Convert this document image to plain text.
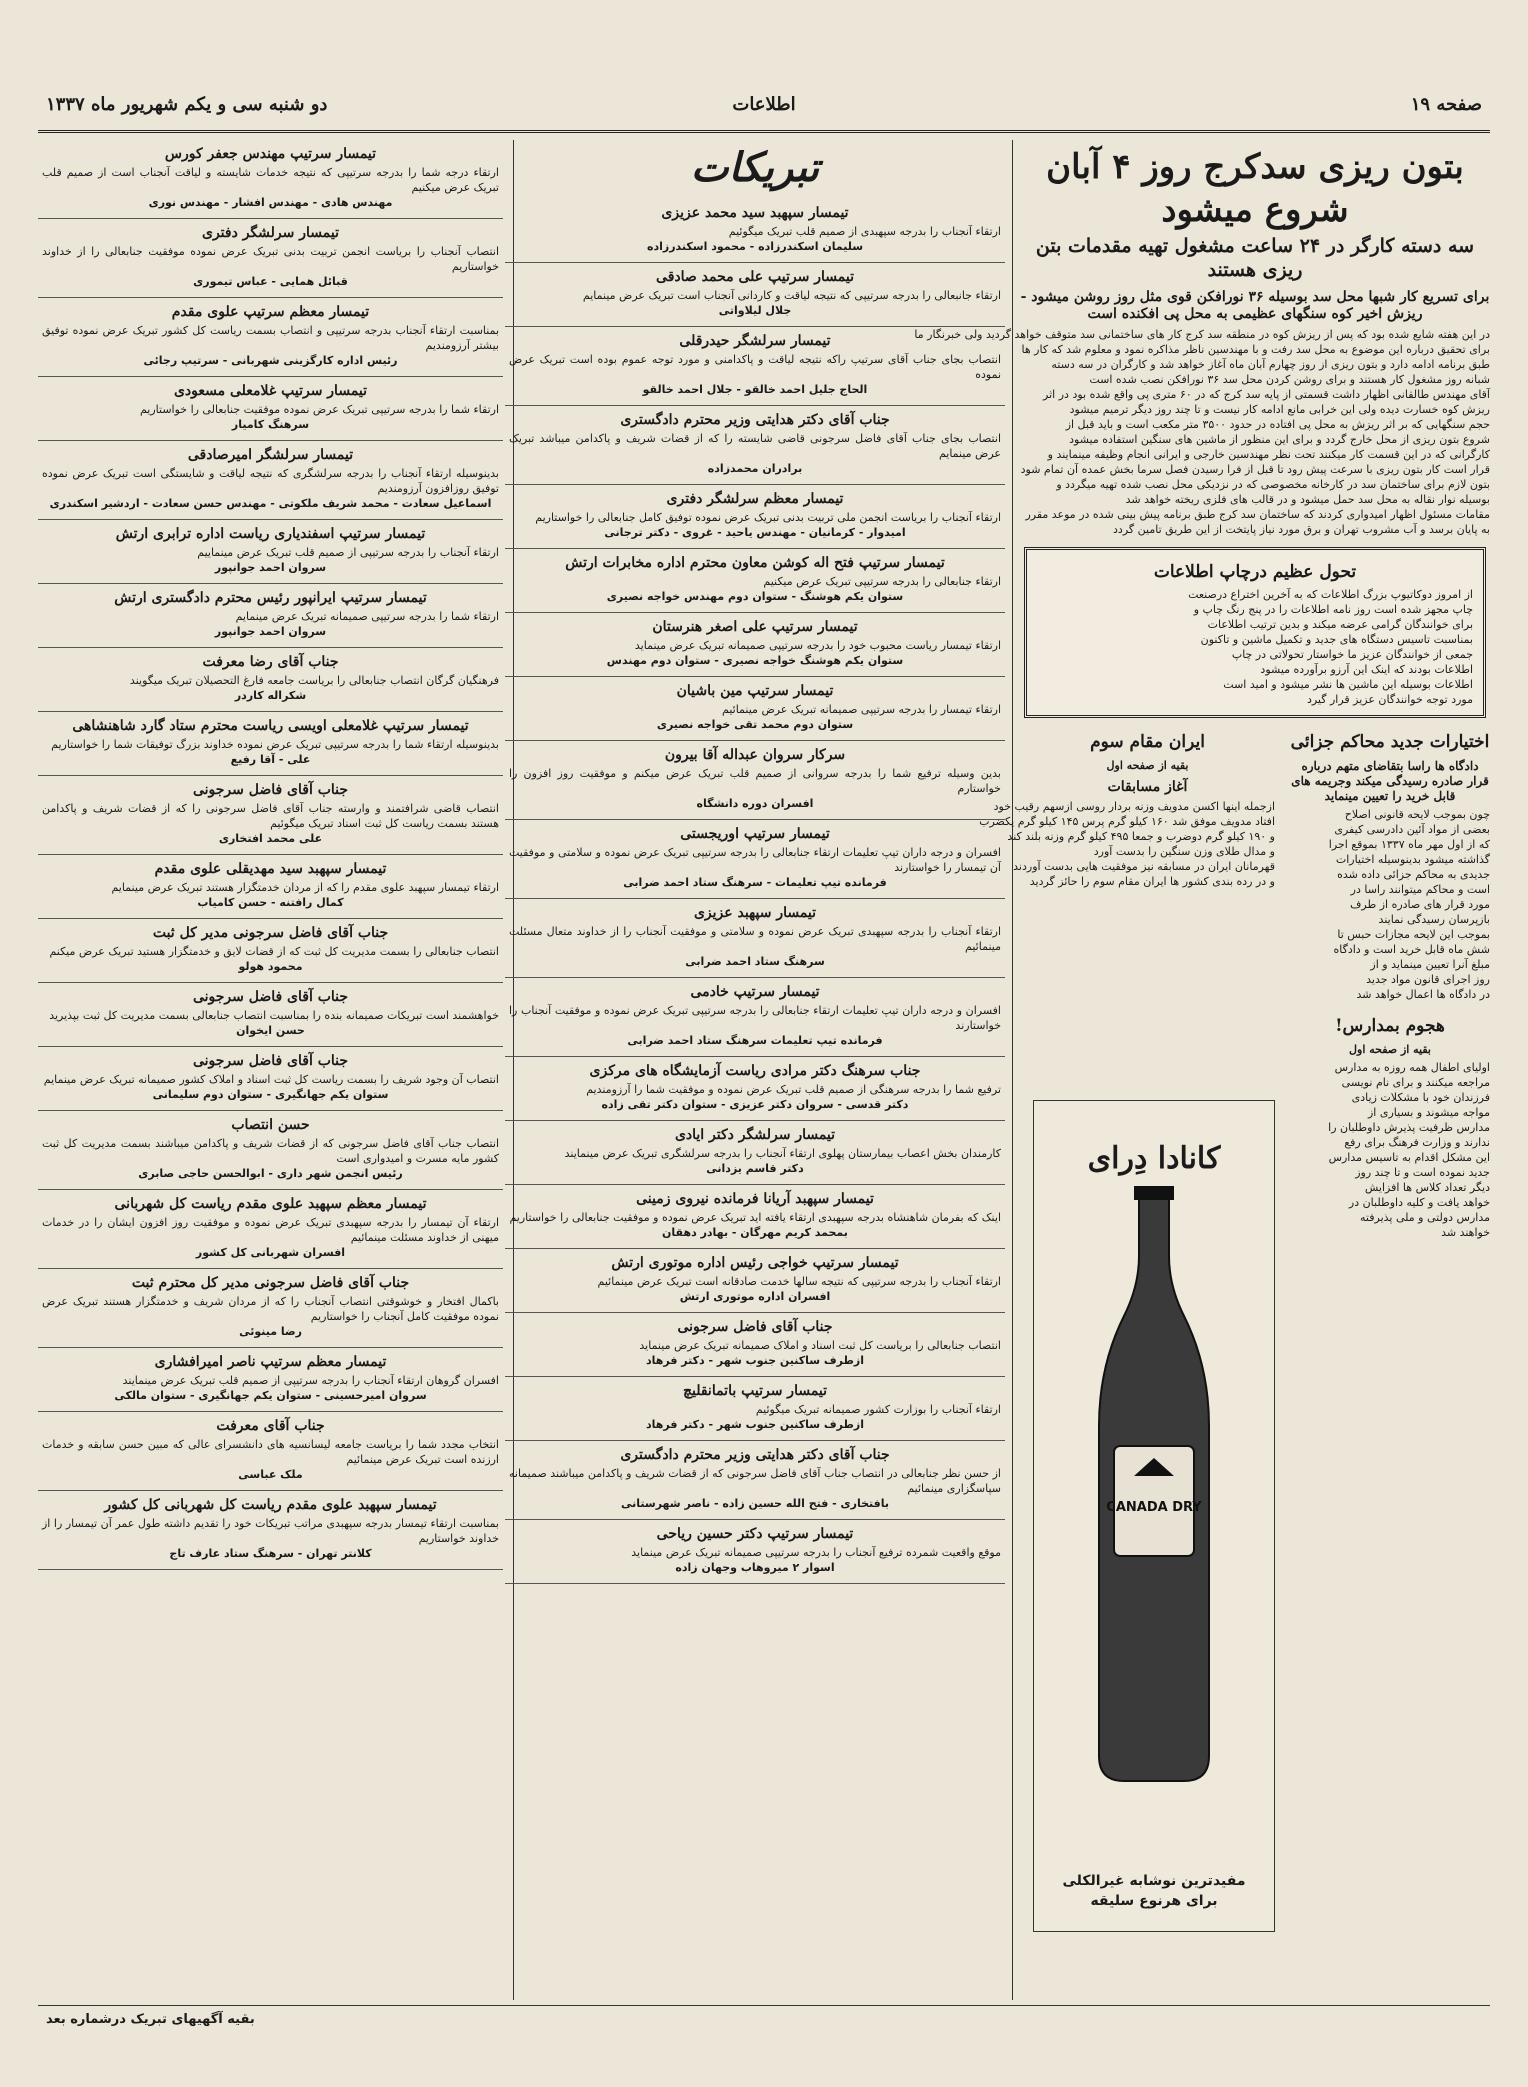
صفحه ۱۹
اطلاعات
دو شنبه سی و یکم شهریور ماه ۱۳۳۷
بتون ریزی سدکرج روز ۴ آبان شروع میشود
سه دسته کارگر در ۲۴ ساعت مشغول تهیه مقدمات بتن ریزی هستند
برای تسریع کار شبها محل سد بوسیله ۳۶ نورافکن قوی مثل روز روشن میشود - ریزش اخیر کوه سنگهای عظیمی به محل پی افکنده است
در این هفته شایع شده بود که پس از ریزش کوه در منطقه سد کرج کار های ساختمانی سد متوقف خواهد گردید ولی خبرنگار ما
برای تحقیق درباره این موضوع به محل سد رفت و با مهندسین ناظر مذاکره نمود و معلوم شد که کار ها
طبق برنامه ادامه دارد و بتون ریزی از روز چهارم آبان ماه آغاز خواهد شد و کارگران در سه دسته
شبانه روز مشغول کار هستند و برای روشن کردن محل سد ۳۶ نورافکن نصب شده است
آقای مهندس طالقانی اظهار داشت قسمتی از پایه سد کرج که در ۶۰ متری پی واقع شده بود در اثر
ریزش کوه خسارت دیده ولی این خرابی مانع ادامه کار نیست و تا چند روز دیگر ترمیم میشود
حجم سنگهایی که بر اثر ریزش به محل پی افتاده در حدود ۳۵۰۰ متر مکعب است و باید قبل از
شروع بتون ریزی از محل خارج گردد و برای این منظور از ماشین های سنگین استفاده میشود
کارگرانی که در این قسمت کار میکنند تحت نظر مهندسین خارجی و ایرانی انجام وظیفه مینمایند و
قرار است کار بتون ریزی با سرعت پیش رود تا قبل از فرا رسیدن فصل سرما بخش عمده آن تمام شود
بتون لازم برای ساختمان سد در کارخانه مخصوصی که در نزدیکی محل نصب شده تهیه میگردد و
بوسیله نوار نقاله به محل سد حمل میشود و در قالب های فلزی ریخته خواهد شد
مقامات مسئول اظهار امیدواری کردند که ساختمان سد کرج طبق برنامه پیش بینی شده در موعد مقرر
به پایان برسد و آب مشروب تهران و برق مورد نیاز پایتخت از این طریق تامین گردد
تحول عظیم درچاپ اطلاعات
از امروز دوکاتیوپ بزرگ اطلاعات که به آخرین اختراع درصنعت
چاپ مجهز شده است روز نامه اطلاعات را در پنج رنگ چاپ و
برای خوانندگان گرامی عرضه میکند و بدین ترتیب اطلاعات
بمناسبت تاسیس دستگاه های جدید و تکمیل ماشین و تاکنون
جمعی از خوانندگان عزیز ما خواستار تحولاتی در چاپ
اطلاعات بودند که اینک این آرزو برآورده میشود
اطلاعات بوسیله این ماشین ها نشر میشود و امید است
مورد توجه خوانندگان عزیز قرار گیرد
اختیارات جدید محاکم جزائی
دادگاه ها راسا بتقاضای متهم درباره قرار صادره رسیدگی میکند وجریمه های قابل خرید را تعیین مینماید
چون بموجب لایحه قانونی اصلاح
بعضی از مواد آئین دادرسی کیفری
که از اول مهر ماه ۱۳۳۷ بموقع اجرا
گذاشته میشود بدینوسیله اختیارات
جدیدی به محاکم جزائی داده شده
است و محاکم میتوانند راسا در
مورد قرار های صادره از طرف
بازپرسان رسیدگی نمایند
بموجب این لایحه مجازات حبس تا
شش ماه قابل خرید است و دادگاه
مبلغ آنرا تعیین مینماید و از
روز اجرای قانون مواد جدید
در دادگاه ها اعمال خواهد شد
هجوم بمدارس!
بقیه از صفحه اول
اولیای اطفال همه روزه به مدارس
مراجعه میکنند و برای نام نویسی
فرزندان خود با مشکلات زیادی
مواجه میشوند و بسیاری از
مدارس ظرفیت پذیرش داوطلبان را
ندارند و وزارت فرهنگ برای رفع
این مشکل اقدام به تاسیس مدارس
جدید نموده است و تا چند روز
دیگر تعداد کلاس ها افزایش
خواهد یافت و کلیه داوطلبان در
مدارس دولتی و ملی پذیرفته
خواهند شد
ایران مقام سوم
بقیه از صفحه اول
آغاز مسابقات
ازجمله اینها اکسن مدویف وزنه بردار روسی ازسهم رقیب خود
افتاد مدویف موفق شد ۱۶۰ کیلو گرم پرس ۱۴۵ کیلو گرم یکضرب
و ۱۹۰ کیلو گرم دوضرب و جمعا ۴۹۵ کیلو گرم وزنه بلند کند
و مدال طلای وزن سنگین را بدست آورد
قهرمانان ایران در مسابقه نیز موفقیت هایی بدست آوردند
و در رده بندی کشور ها ایران مقام سوم را حائز گردید
کانادا دِرای
CANADA DRY
مفیدترین نوشابه غیرالکلی
برای هرنوع سلیقه
تبریکات
تیمسار سپهبد سید محمد عزیزی
ارتقاء آنجناب را بدرجه سپهبدی از صمیم قلب تبریک میگوئیم
سلیمان اسکندرزاده - محمود اسکندرزاده
تیمسار سرتیپ علی محمد صادقی
ارتقاء جانبعالی را بدرجه سرتیپی که نتیجه لیاقت و کاردانی آنجناب است تبریک عرض مینمایم
جلال لیلاواتی
تیمسار سرلشگر حیدرقلی
انتصاب بجای جناب آقای سرتیپ راکه نتیجه لیاقت و پاکدامنی و مورد توجه عموم بوده است تبریک عرض نموده
الحاج جلیل احمد خالقو - جلال احمد خالقو
جناب آقای دکتر هدایتی وزیر محترم دادگستری
انتصاب بجای جناب آقای فاضل سرجونی قاضی شایسته را که از قضات شریف و پاکدامن میباشد تبریک عرض مینمایم
برادران محمدزاده
تیمسار معظم سرلشگر دفتری
ارتقاء آنجناب را بریاست انجمن ملی تربیت بدنی تبریک عرض نموده توفیق کامل جنابعالی را خواستاریم
امیدوار - کرمانیان - مهندس یاحید - غروی - دکتر ترجانی
تیمسار سرتیپ فتح اله کوشن معاون محترم اداره مخابرات ارتش
ارتقاء جنابعالی را بدرجه سرتیپی تبریک عرض میکنیم
ستوان یکم هوشنگ - ستوان دوم مهندس خواجه نصیری
تیمسار سرتیپ علی اصغر هنرستان
ارتقاء تیمسار ریاست محبوب خود را بدرجه سرتیپی صمیمانه تبریک عرض مینماید
ستوان یکم هوشنگ خواجه نصیری - ستوان دوم مهندس
تیمسار سرتیپ مین باشیان
ارتقاء تیمسار را بدرجه سرتیپی صمیمانه تبریک عرض مینمائیم
ستوان دوم محمد تقی خواجه نصیری
سرکار سروان عبداله آقا بیرون
بدین وسیله ترفیع شما را بدرجه سروانی از صمیم قلب تبریک عرض میکنم و موفقیت روز افزون را خواستارم
افسران دوره دانشگاه
تیمسار سرتیپ اوریجستی
افسران و درجه داران تیپ تعلیمات ارتقاء جنابعالی را بدرجه سرتیپی تبریک عرض نموده و سلامتی و موفقیت آن تیمسار را خواستارند
فرمانده تیپ تعلیمات - سرهنگ ستاد احمد ضرابی
تیمسار سپهبد عزیزی
ارتقاء آنجناب را بدرجه سپهبدی تبریک عرض نموده و سلامتی و موفقیت آنجناب را از خداوند متعال مسئلت مینمائیم
سرهنگ ستاد احمد ضرابی
تیمسار سرتیپ خادمی
افسران و درجه داران تیپ تعلیمات ارتقاء جنابعالی را بدرجه سرتیپی تبریک عرض نموده و موفقیت آنجناب را خواستارند
فرمانده تیپ تعلیمات سرهنگ ستاد احمد ضرابی
جناب سرهنگ دکتر مرادی ریاست آزمایشگاه های مرکزی
ترفیع شما را بدرجه سرهنگی از صمیم قلب تبریک عرض نموده و موفقیت شما را آرزومندیم
دکتر قدسی - سروان دکتر عزیزی - ستوان دکتر تقی زاده
تیمسار سرلشگر دکتر ایادی
کارمندان بخش اعصاب بیمارستان پهلوی ارتقاء آنجناب را بدرجه سرلشگری تبریک عرض مینمایند
دکتر قاسم یزدانی
تیمسار سپهبد آریانا فرمانده نیروی زمینی
اینک که بفرمان شاهنشاه بدرجه سپهبدی ارتقاء یافته اید تبریک عرض نموده و موفقیت جنابعالی را خواستاریم
بمحمد کریم مهرگان - بهادر دهقان
تیمسار سرتیپ خواجی رئیس اداره موتوری ارتش
ارتقاء آنجناب را بدرجه سرتیپی که نتیجه سالها خدمت صادقانه است تبریک عرض مینمائیم
افسران اداره موتوری ارتش
جناب آقای فاضل سرجونی
انتصاب جنابعالی را بریاست کل ثبت اسناد و املاک صمیمانه تبریک عرض مینماید
ازطرف ساکنین جنوب شهر - دکتر فرهاد
تیمسار سرتیپ باتمانقلیچ
ارتقاء آنجناب را بوزارت کشور صمیمانه تبریک میگوئیم
ازطرف ساکنین جنوب شهر - دکتر فرهاد
جناب آقای دکتر هدایتی وزیر محترم دادگستری
از حسن نظر جنابعالی در انتصاب جناب آقای فاضل سرجونی که از قضات شریف و پاکدامن میباشند صمیمانه سپاسگزاری مینمائیم
بافتخاری - فتح الله حسین زاده - ناصر شهرستانی
تیمسار سرتیپ دکتر حسین ریاحی
موقع واقعیت شمرده ترفیع آنجناب را بدرجه سرتیپی صمیمانه تبریک عرض مینماید
اسوار ۲ میروهاب وجهان زاده
تیمسار سرتیپ مهندس جعفر کورس
ارتقاء درجه شما را بدرجه سرتیپی که نتیجه خدمات شایسته و لیاقت آنجناب است از صمیم قلب تبریک عرض میکنیم
مهندس هادی - مهندس افشار - مهندس نوری
تیمسار سرلشگر دفتری
انتصاب آنجناب را بریاست انجمن تربیت بدنی تبریک عرض نموده موفقیت جنابعالی را از خداوند خواستاریم
قبائل همایی - عباس تیموری
تیمسار معظم سرتیپ علوی مقدم
بمناسبت ارتقاء آنجناب بدرجه سرتیپی و انتصاب بسمت ریاست کل کشور تبریک عرض نموده توفیق بیشتر آرزومندیم
رئیس اداره کارگزینی شهربانی - سرتیپ رجائی
تیمسار سرتیپ غلامعلی مسعودی
ارتقاء شما را بدرجه سرتیپی تبریک عرض نموده موفقیت جنابعالی را خواستاریم
سرهنگ کامیار
تیمسار سرلشگر امیرصادقی
بدینوسیله ارتقاء آنجناب را بدرجه سرلشگری که نتیجه لیاقت و شایستگی است تبریک عرض نموده توفیق روزافزون آرزومندیم
اسماعیل سعادت - محمد شریف ملکوتی - مهندس حسن سعادت - اردشیر اسکندری
تیمسار سرتیپ اسفندیاری ریاست اداره ترابری ارتش
ارتقاء آنجناب را بدرجه سرتیپی از صمیم قلب تبریک عرض مینماییم
سروان احمد جوانپور
تیمسار سرتیپ ایرانپور رئیس محترم دادگستری ارتش
ارتقاء شما را بدرجه سرتیپی صمیمانه تبریک عرض مینمایم
سروان احمد جوانپور
جناب آقای رضا معرفت
فرهنگیان گرگان انتصاب جنابعالی را بریاست جامعه فارغ التحصیلان تبریک میگویند
شکراله کاردر
تیمسار سرتیپ غلامعلی اویسی ریاست محترم ستاد گارد شاهنشاهی
بدینوسیله ارتقاء شما را بدرجه سرتیپی تبریک عرض نموده خداوند بزرگ توفیقات شما را خواستاریم
علی - آقا رفیع
جناب آقای فاضل سرجونی
انتصاب قاضی شرافتمند و وارسته جناب آقای فاضل سرجونی را که از قضات شریف و پاکدامن هستند بسمت ریاست کل ثبت اسناد تبریک میگوئیم
علی محمد افتخاری
تیمسار سپهبد سید مهدیقلی علوی مقدم
ارتقاء تیمسار سپهبد علوی مقدم را که از مردان خدمتگزار هستند تبریک عرض مینمایم
کمال رافتنه - حسن کامیاب
جناب آقای فاضل سرجونی مدیر کل ثبت
انتصاب جنابعالی را بسمت مدیریت کل ثبت که از قضات لایق و خدمتگزار هستید تبریک عرض میکنم
محمود هولو
جناب آقای فاضل سرجونی
خواهشمند است تبریکات صمیمانه بنده را بمناسبت انتصاب جنابعالی بسمت مدیریت کل ثبت بپذیرید
حسن ایخوان
جناب آقای فاضل سرجونی
انتصاب آن وجود شریف را بسمت ریاست کل ثبت اسناد و املاک کشور صمیمانه تبریک عرض مینمایم
ستوان یکم جهانگیری - ستوان دوم سلیمانی
حسن انتصاب
انتصاب جناب آقای فاضل سرجونی که از قضات شریف و پاکدامن میباشند بسمت مدیریت کل ثبت کشور مایه مسرت و امیدواری است
رئیس انجمن شهر داری - ابوالحسن حاجی صابری
تیمسار معظم سپهبد علوی مقدم ریاست کل شهربانی
ارتقاء آن تیمسار را بدرجه سپهبدی تبریک عرض نموده و موفقیت روز افزون ایشان را در خدمات میهنی از خداوند مسئلت مینمائیم
افسران شهربانی کل کشور
جناب آقای فاضل سرجونی مدیر کل محترم ثبت
باکمال افتخار و خوشوقتی انتصاب آنجناب را که از مردان شریف و خدمتگزار هستند تبریک عرض نموده موفقیت کامل آنجناب را خواستاریم
رضا مینوئی
تیمسار معظم سرتیپ ناصر امیرافشاری
افسران گروهان ارتقاء آنجناب را بدرجه سرتیپی از صمیم قلب تبریک عرض مینمایند
سروان امیرحسینی - ستوان یکم جهانگیری - ستوان مالکی
جناب آقای معرفت
انتخاب مجدد شما را بریاست جامعه لیسانسیه های دانشسرای عالی که مبین حسن سابقه و خدمات ارزنده است تبریک عرض مینمائیم
ملک عباسی
تیمسار سپهبد علوی مقدم ریاست کل شهربانی کل کشور
بمناسبت ارتقاء تیمسار بدرجه سپهبدی مراتب تبریکات خود را تقدیم داشته طول عمر آن تیمسار را از خداوند خواستاریم
کلانتر تهران - سرهنگ ستاد عارف تاج
بقیه آگهیهای تبریک درشماره بعد
